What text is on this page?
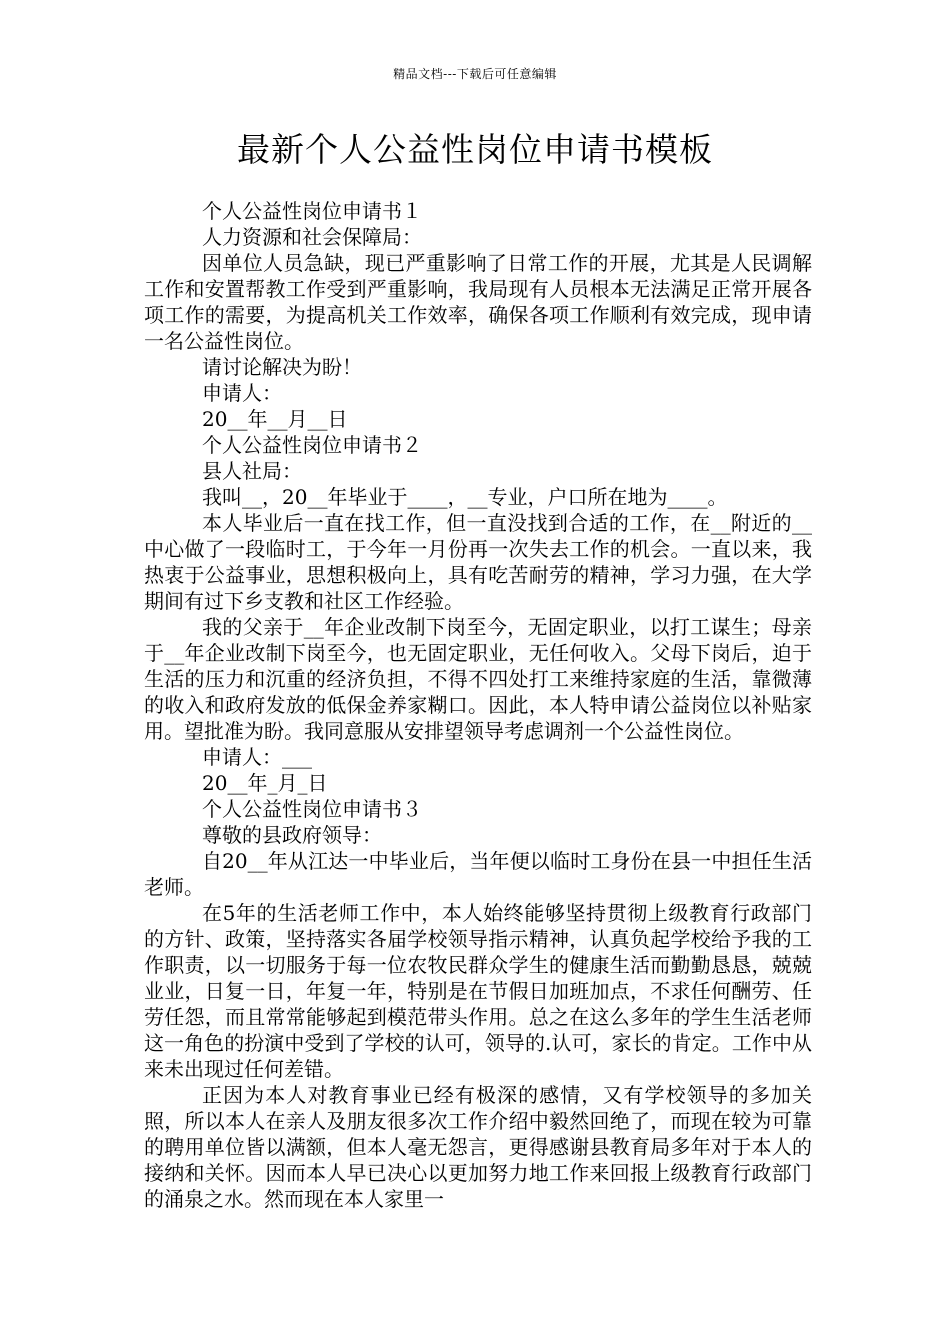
精品文档---下载后可任意编辑
最新个人公益性岗位申请书模板

个人公益性岗位申请书１

人力资源和社会保障局：

因单位人员急缺，现已严重影响了日常工作的开展，尤其是人民调解工作和安置帮教工作受到严重影响，我局现有人员根本无法满足正常开展各项工作的需要，为提高机关工作效率，确保各项工作顺利有效完成，现申请一名公益性岗位。

请讨论解决为盼！

申请人：

20__年__月__日

个人公益性岗位申请书２

县人社局：

我叫__，20__年毕业于____，__专业，户口所在地为____。

本人毕业后一直在找工作，但一直没找到合适的工作，在__附近的__中心做了一段临时工，于今年一月份再一次失去工作的机会。一直以来，我热衷于公益事业，思想积极向上，具有吃苦耐劳的精神，学习力强，在大学期间有过下乡支教和社区工作经验。

我的父亲于__年企业改制下岗至今，无固定职业，以打工谋生；母亲于__年企业改制下岗至今，也无固定职业，无任何收入。父母下岗后，迫于生活的压力和沉重的经济负担，不得不四处打工来维持家庭的生活，靠微薄的收入和政府发放的低保金养家糊口。因此，本人特申请公益岗位以补贴家用。望批准为盼。我同意服从安排望领导考虑调剂一个公益性岗位。

申请人：___

20__年_月_日

个人公益性岗位申请书３

尊敬的县政府领导：

自20__年从江达一中毕业后，当年便以临时工身份在县一中担任生活老师。

在5年的生活老师工作中，本人始终能够坚持贯彻上级教育行政部门的方针、政策，坚持落实各届学校领导指示精神，认真负起学校给予我的工作职责，以一切服务于每一位农牧民群众学生的健康生活而勤勤恳恳，兢兢业业，日复一日，年复一年，特别是在节假日加班加点，不求任何酬劳、任劳任怨，而且常常能够起到模范带头作用。总之在这么多年的学生生活老师这一角色的扮演中受到了学校的认可，领导的.认可，家长的肯定。工作中从来未出现过任何差错。

正因为本人对教育事业已经有极深的感情，又有学校领导的多加关照，所以本人在亲人及朋友很多次工作介绍中毅然回绝了，而现在较为可靠的聘用单位皆以满额，但本人毫无怨言，更得感谢县教育局多年对于本人的接纳和关怀。因而本人早已决心以更加努力地工作来回报上级教育行政部门的涌泉之水。然而现在本人家里一
